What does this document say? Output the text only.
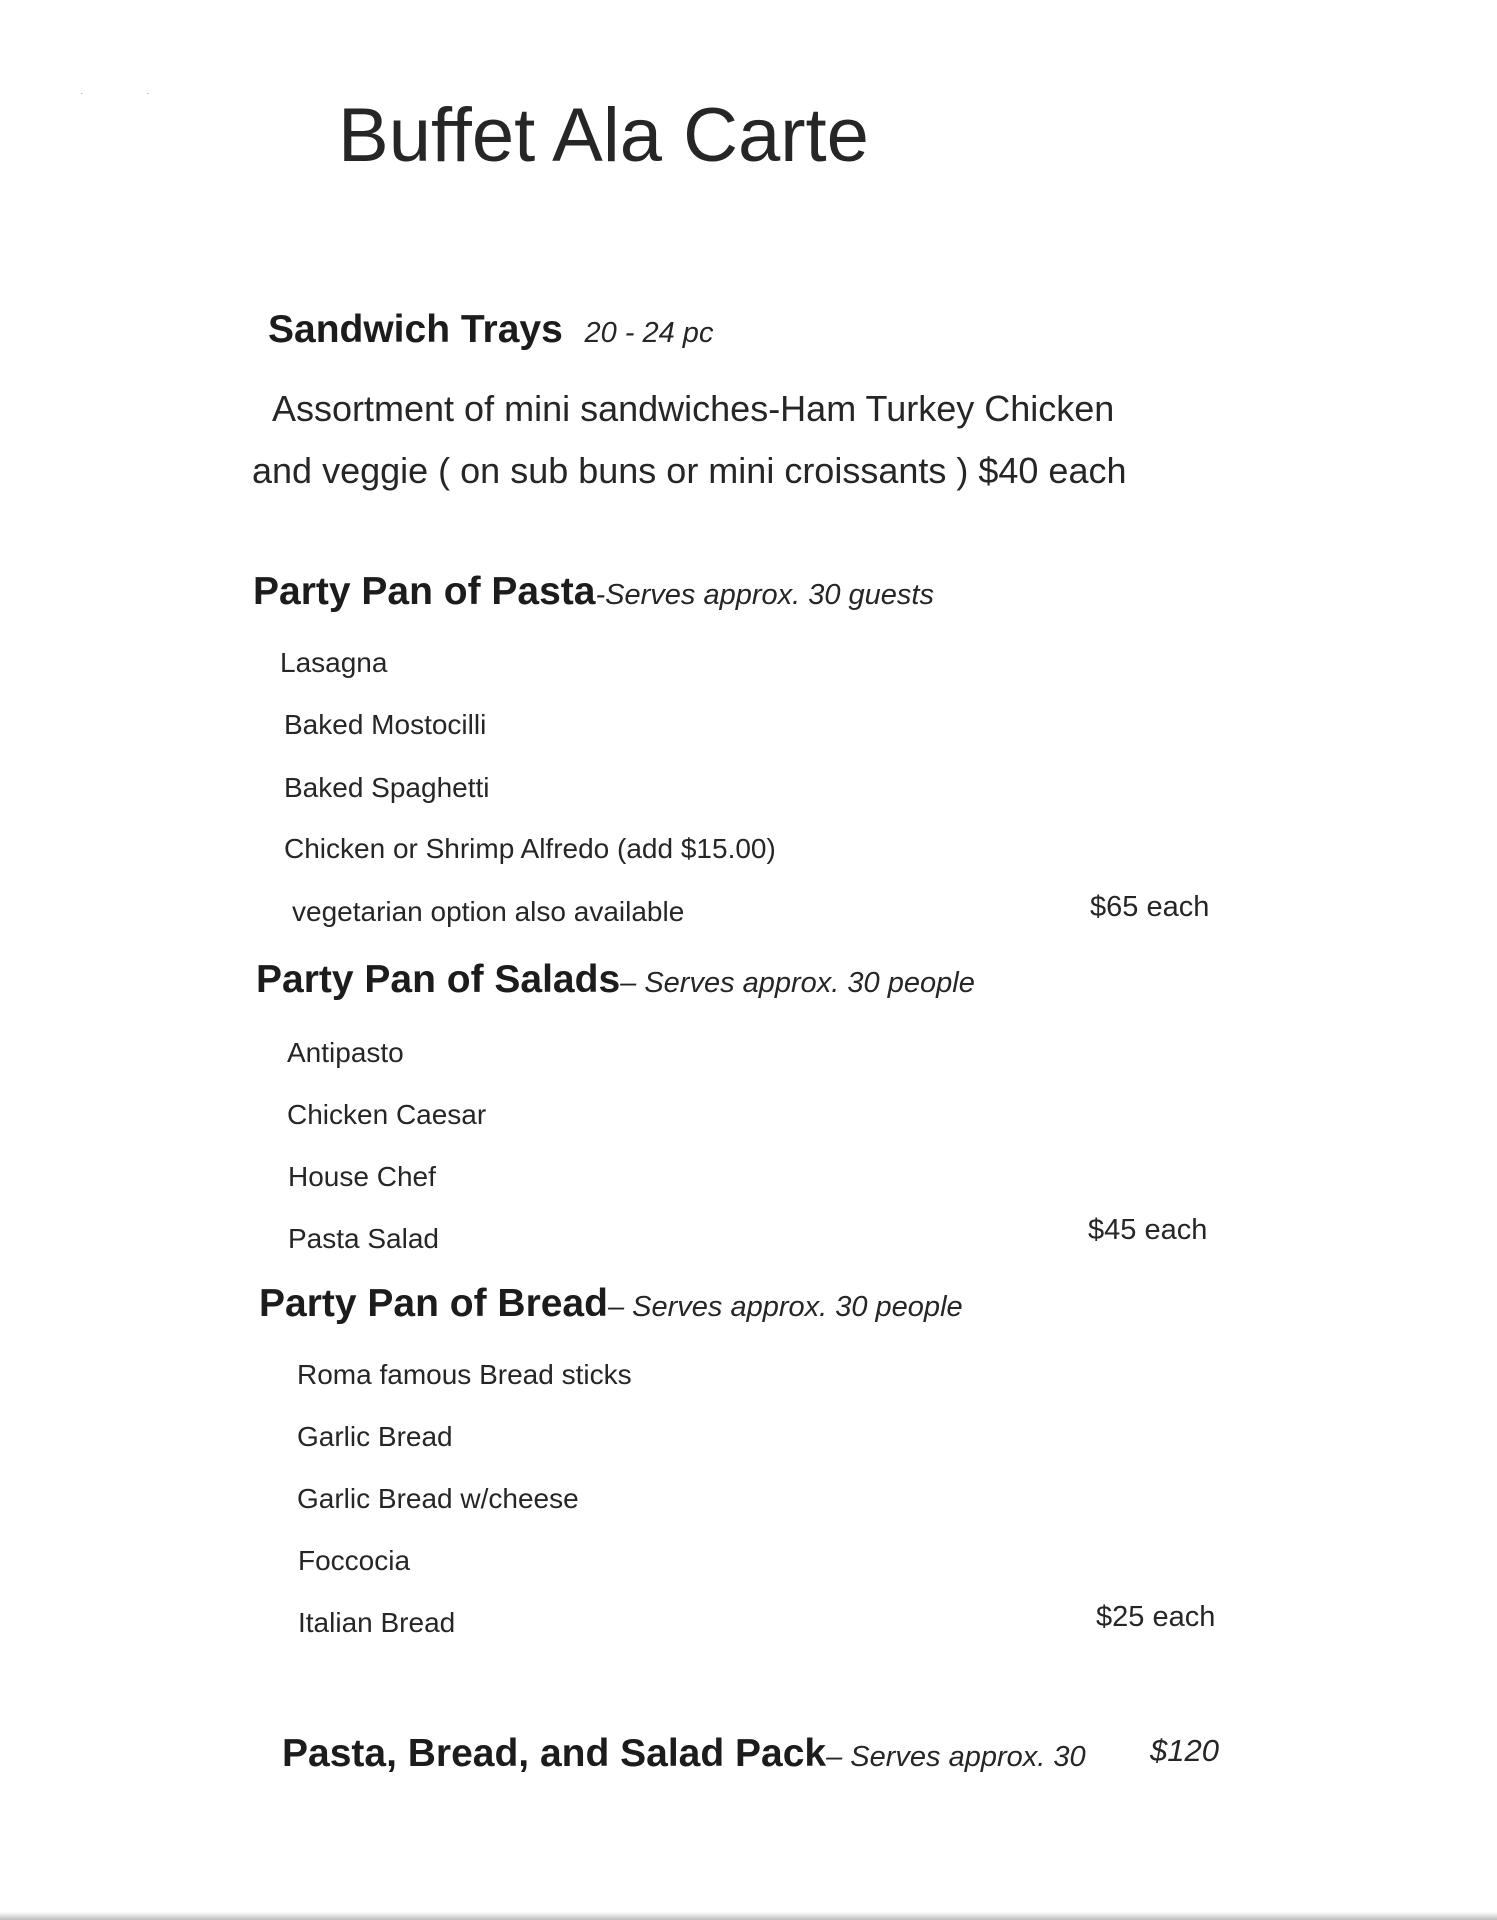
· · Buffet Ala Carte
Sandwich Trays 20 - 24 pc
Assortment of mini sandwiches-Ham Turkey Chicken
and veggie ( on sub buns or mini croissants ) $40 each
Party Pan of Pasta-Serves approx. 30 guests
Lasagna
Baked Mostocilli
Baked Spaghetti
Chicken or Shrimp Alfredo (add $15.00)
vegetarian option also available	$65 each
Party Pan of Salads– Serves approx. 30 people
Antipasto
Chicken Caesar
House Chef
Pasta Salad	$45 each
Party Pan of Bread– Serves approx. 30 people
Roma famous Bread sticks
Garlic Bread
Garlic Bread w/cheese
Foccocia
Italian Bread	$25 each
Pasta, Bread, and Salad Pack– Serves approx. 30 $120
